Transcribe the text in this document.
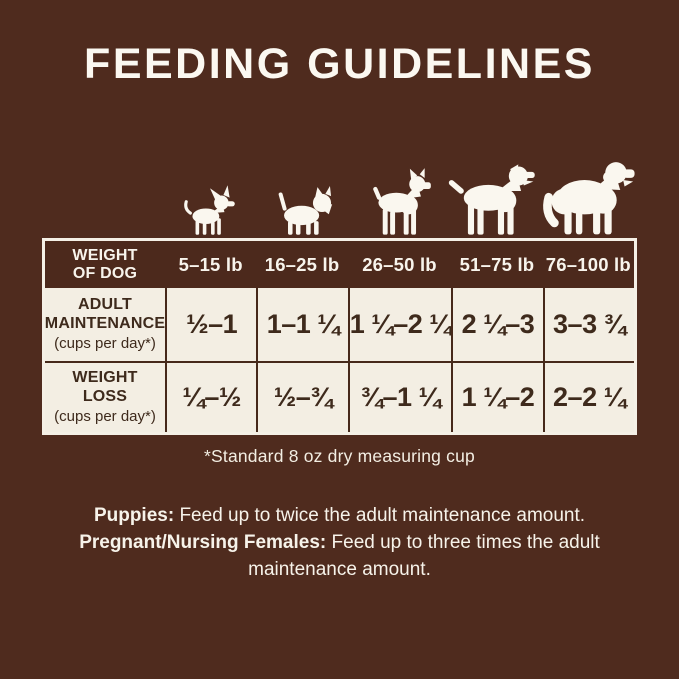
FEEDING GUIDELINES
WEIGHT
OF DOG 5–15 lb 16–25 lb 26–50 lb 51–75 lb 76–100 lb
ADULT
MAINTENANCE
(cups per day*)
½–1 1–1 ¼ 1 ¼–2 ¼ 2 ¼–3 3–3 ¾
WEIGHT
LOSS
(cups per day*)
¼–½ ½–¾ ¾–1 ¼ 1 ¼–2 2–2 ¼
*Standard 8 oz dry measuring cup
Puppies: Feed up to twice the adult maintenance amount.
Pregnant/Nursing Females: Feed up to three times the adult maintenance amount.
